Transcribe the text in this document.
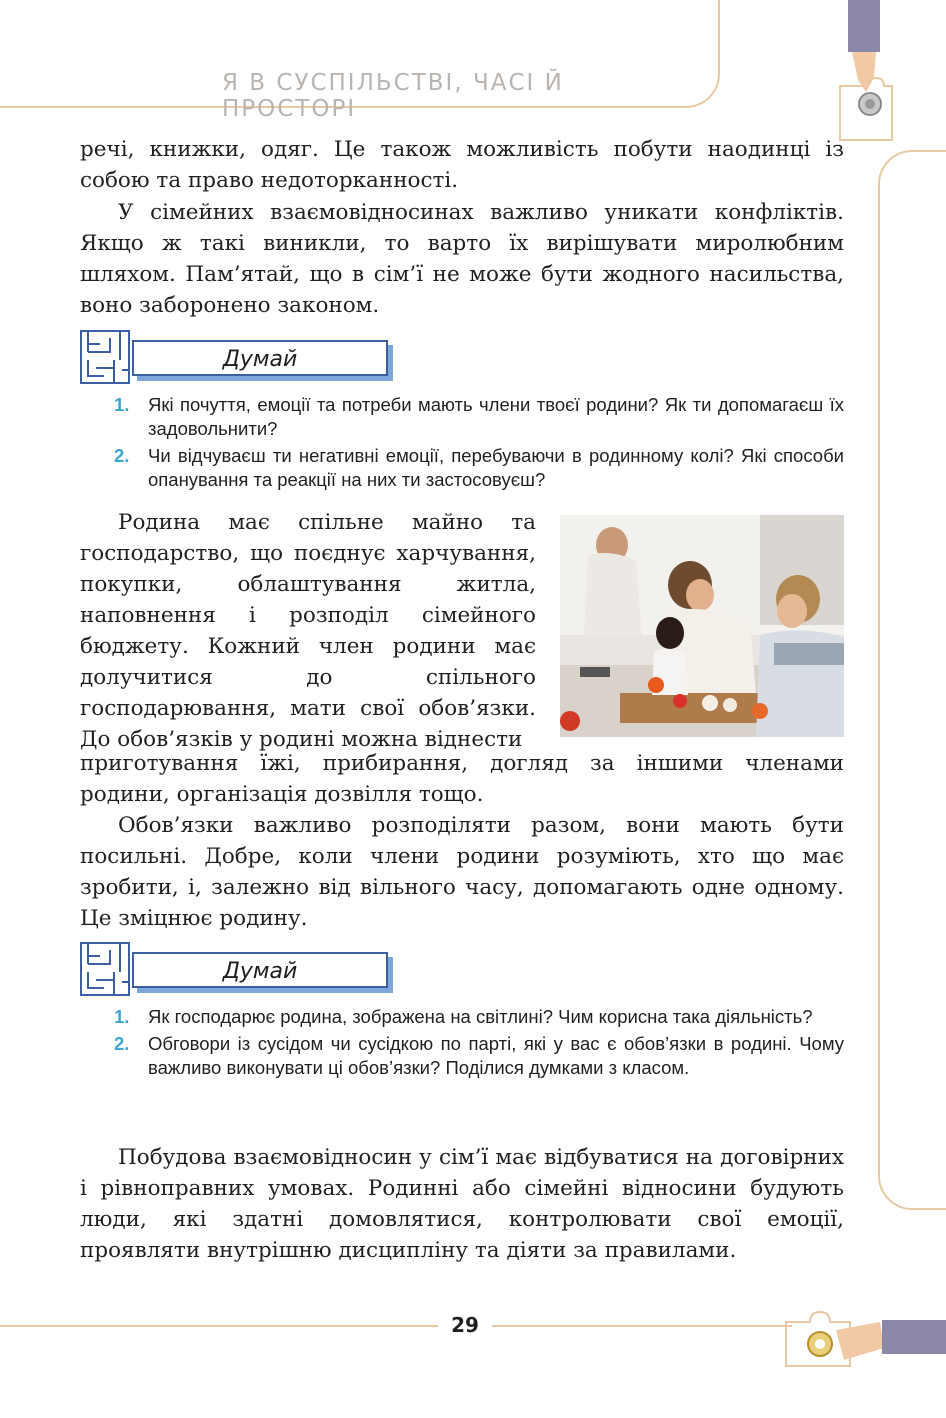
Я В СУСПІЛЬСТВІ, ЧАСІ Й ПРОСТОРІ

речі, книжки, одяг. Це також можливість побути наодинці із собою та право недоторканності.

У сімейних взаємовідносинах важливо уникати конфліктів. Якщо ж такі виникли, то варто їх вирішувати миролюбним шляхом. Пам’ятай, що в сім’ї не може бути жодного насильства, воно заборонено законом.

Думай
1. Які почуття, емоції та потреби мають члени твоєї родини? Як ти допомагаєш їх задовольнити?
2. Чи відчуваєш ти негативні емоції, перебуваючи в родинному колі? Які способи опанування та реакції на них ти застосовуєш?

Родина має спільне майно та господарство, що поєднує харчування, покупки, облаштування житла, наповнення і розподіл сімейного бюджету. Кожний член родини має долучитися до спільного господарювання, мати свої обов’язки. До обов’язків у родині можна віднести

приготування їжі, прибирання, догляд за іншими членами родини, організація дозвілля тощо.

Обов’язки важливо розподіляти разом, вони мають бути посильні. Добре, коли члени родини розуміють, хто що має зробити, і, залежно від вільного часу, допомагають одне одному. Це зміцнює родину.

Думай
1. Як господарює родина, зображена на світлині? Чим корисна така діяльність?
2. Обговори із сусідом чи сусідкою по парті, які у вас є обов’язки в родині. Чому важливо виконувати ці обов’язки? Поділися думками з класом.

Побудова взаємовідносин у сім’ї має відбуватися на договірних і рівноправних умовах. Родинні або сімейні відносини будують люди, які здатні домовлятися, контролювати свої емоції, проявляти внутрішню дисципліну та діяти за правилами.

29
